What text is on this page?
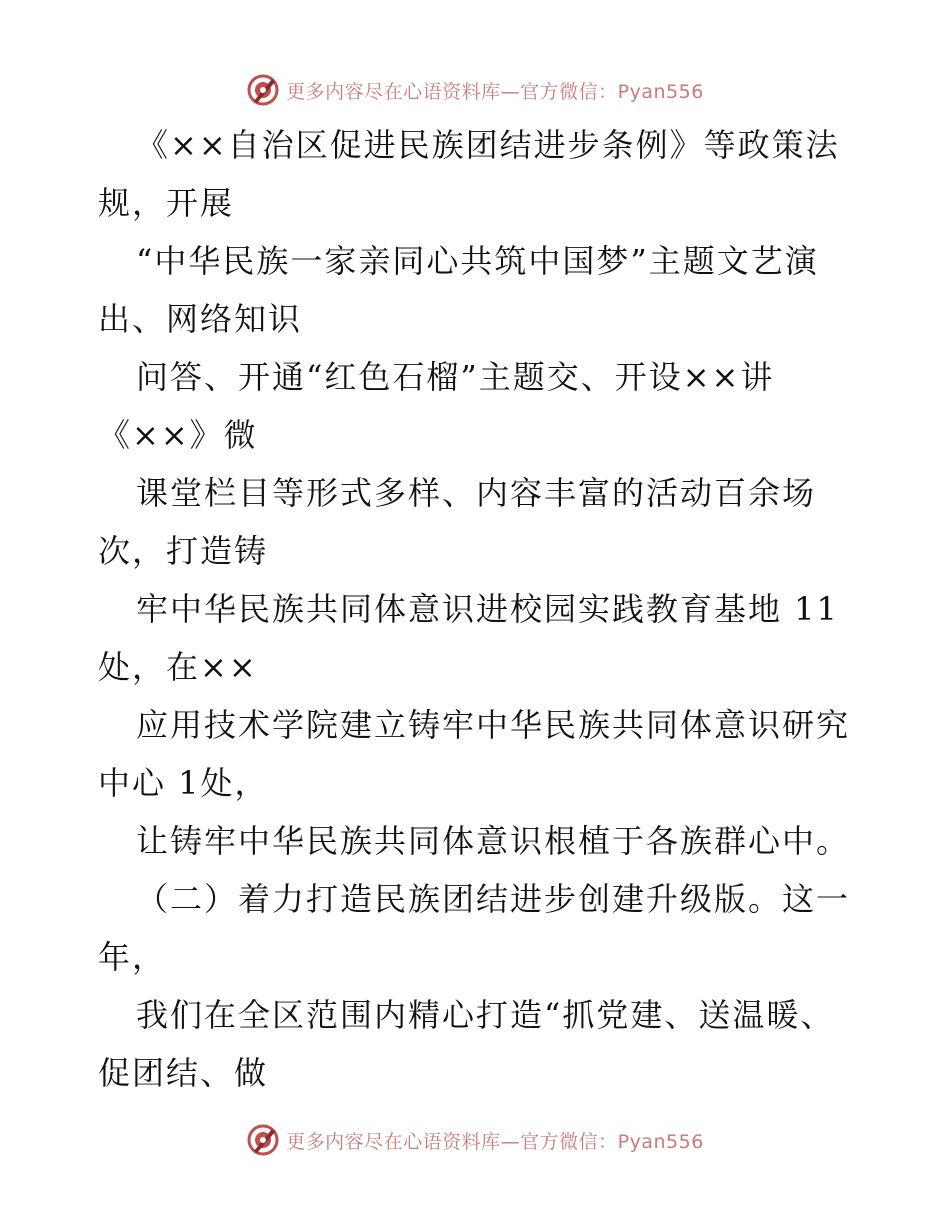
更多内容尽在心语资料库—官方微信：Pyan556
《××自治区促进民族团结进步条例》等政策法
规，开展
“中华民族一家亲同心共筑中国梦”主题文艺演
出、网络知识
问答、开通“红色石榴”主题交、开设××讲
《××》微
课堂栏目等形式多样、内容丰富的活动百余场
次，打造铸
牢中华民族共同体意识进校园实践教育基地 11
处，在××
应用技术学院建立铸牢中华民族共同体意识研究
中心 1处，
让铸牢中华民族共同体意识根植于各族群心中。
（二）着力打造民族团结进步创建升级版。这一
年，
我们在全区范围内精心打造“抓党建、送温暖、
促团结、做
更多内容尽在心语资料库—官方微信：Pyan556
